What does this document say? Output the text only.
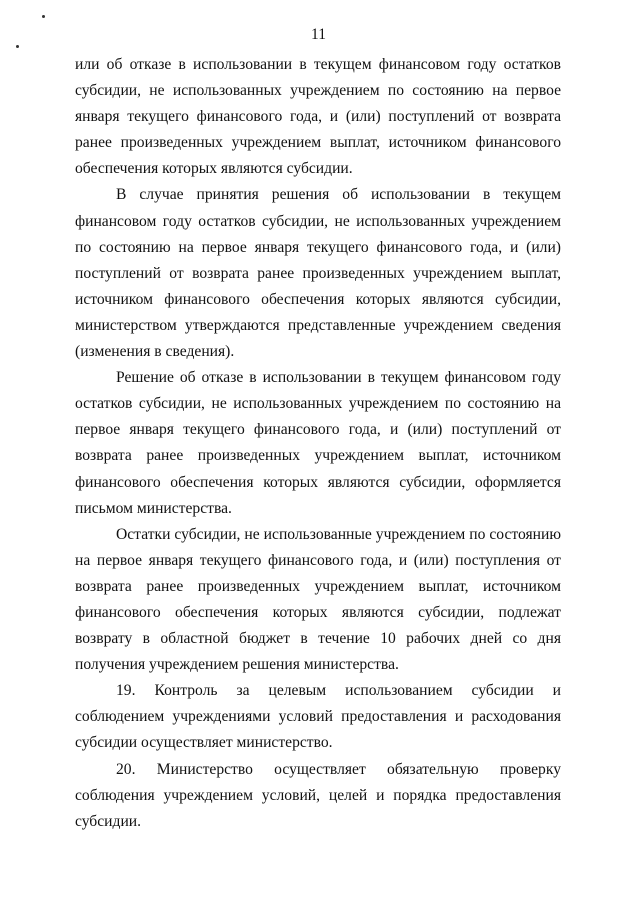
11

или об отказе в использовании в текущем финансовом году остатков субсидии, не использованных учреждением по состоянию на первое января текущего финансового года, и (или) поступлений от возврата ранее произведенных учреждением выплат, источником финансового обеспечения которых являются субсидии.

В случае принятия решения об использовании в текущем финансовом году остатков субсидии, не использованных учреждением по состоянию на первое января текущего финансового года, и (или) поступлений от возврата ранее произведенных учреждением выплат, источником финансового обеспечения которых являются субсидии, министерством утверждаются представленные учреждением сведения (изменения в сведения).

Решение об отказе в использовании в текущем финансовом году остатков субсидии, не использованных учреждением по состоянию на первое января текущего финансового года, и (или) поступлений от возврата ранее произведенных учреждением выплат, источником финансового обеспечения которых являются субсидии, оформляется письмом министерства.

Остатки субсидии, не использованные учреждением по состоянию на первое января текущего финансового года, и (или) поступления от возврата ранее произведенных учреждением выплат, источником финансового обеспечения которых являются субсидии, подлежат возврату в областной бюджет в течение 10 рабочих дней со дня получения учреждением решения министерства.

19. Контроль за целевым использованием субсидии и соблюдением учреждениями условий предоставления и расходования субсидии осуществляет министерство.

20. Министерство осуществляет обязательную проверку соблюдения учреждением условий, целей и порядка предоставления субсидии.
